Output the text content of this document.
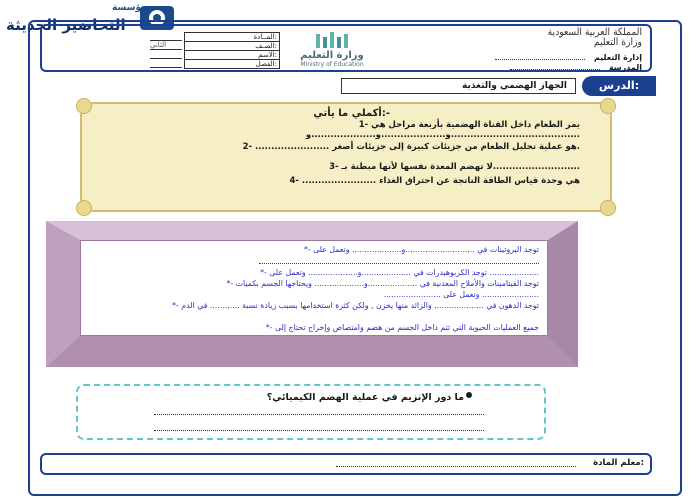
مؤسسة
التحاضير الحديثة	المملكة العربية السعودية
وزارة التعليم
إدارة التعليم
المدرسة
وزارة التعليم
Ministry of Education
المــادة:
الصـف:
الاسم:
الفصل:
الثاني
الدرس:
الجهاز الهضمي والتغذية
أكملي ما يأتي:-
1- يمر الطعام داخل القناة الهضمية بأربعة مراحل هي ....................و....................و....................و....................
2- ....................... هو عملية تحليل الطعام من جزيئات كبيرة إلى جزيئات أصغر.
3- لا تهضم المعدة نفسها لأنها مبطنة بـ...........................
4- ....................... هي وحدة قياس الطاقة الناتجة عن احتراق الغذاء
*- توجد البروتينات في ............................و.................... وتعمل على
*- توجد الكربوهيدرات في ....................و.................... وتعمل على ....................
*- توجد الفيتامينات والأملاح المعدنية في ....................و.................... ويحتاجها الجسم بكميات
....................... وتعمل على .......................
*- توجد الدهون في .................... والزائد منها يخزن , ولكن كثرة استخدامها بسبب زيادة نسبة ............ في الدم
*- جميع العمليات الحيوية التي تتم داخل الجسم من هضم وامتصاص وإخراج تحتاج إلى
ما دور الإنزيم في عملية الهضم الكيميائي؟
معلم المادة:
